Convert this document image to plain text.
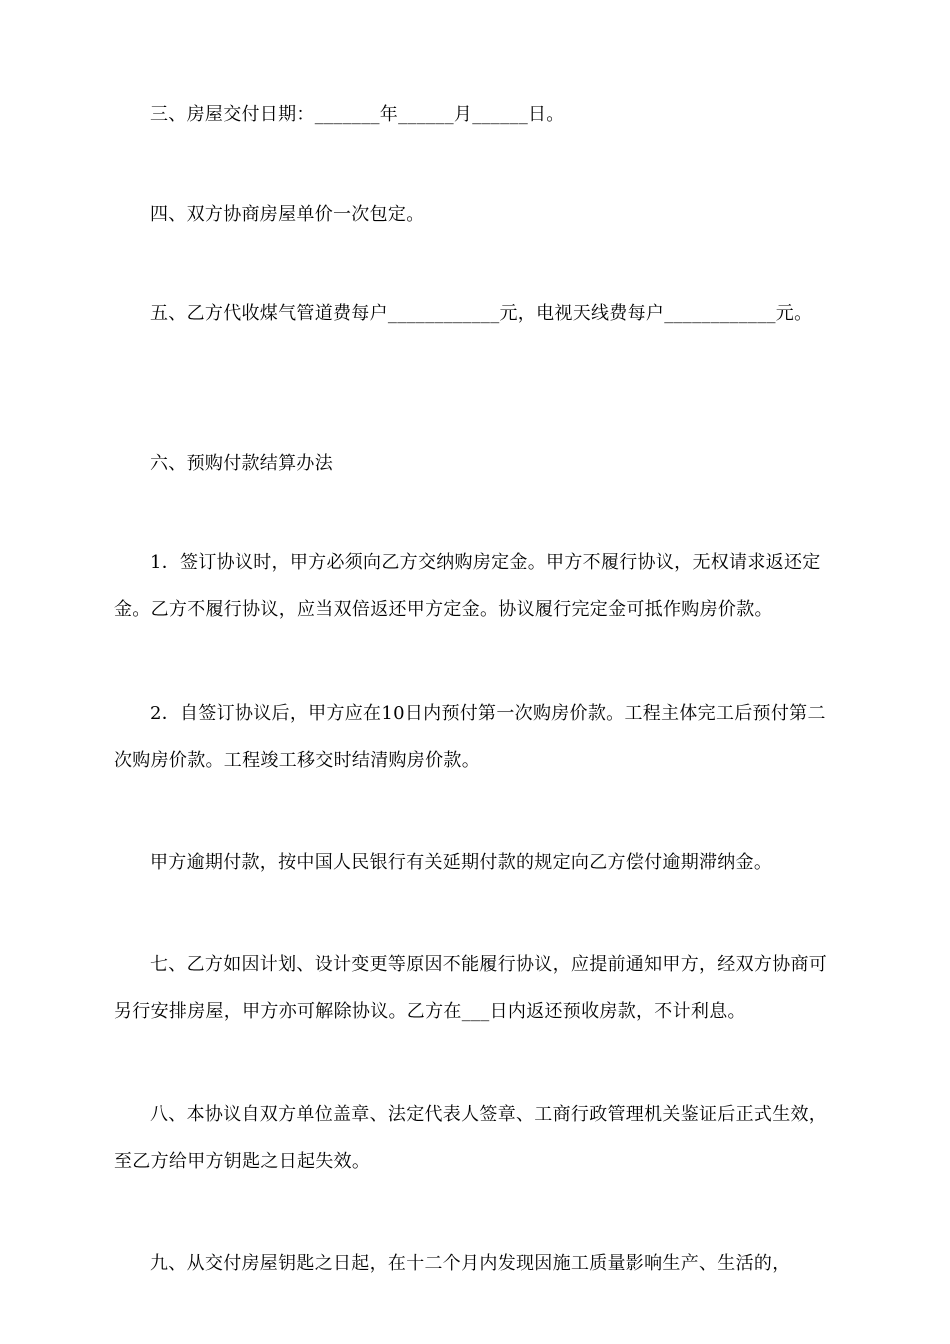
三、房屋交付日期：_______年______月______日。

四、双方协商房屋单价一次包定。

五、乙方代收煤气管道费每户____________元，电视天线费每户____________元。

六、预购付款结算办法

1．签订协议时，甲方必须向乙方交纳购房定金。甲方不履行协议，无权请求返还定金。乙方不履行协议，应当双倍返还甲方定金。协议履行完定金可抵作购房价款。

2．自签订协议后，甲方应在10日内预付第一次购房价款。工程主体完工后预付第二次购房价款。工程竣工移交时结清购房价款。

甲方逾期付款，按中国人民银行有关延期付款的规定向乙方偿付逾期滞纳金。

七、乙方如因计划、设计变更等原因不能履行协议，应提前通知甲方，经双方协商可另行安排房屋，甲方亦可解除协议。乙方在___日内返还预收房款，不计利息。

八、本协议自双方单位盖章、法定代表人签章、工商行政管理机关鉴证后正式生效，至乙方给甲方钥匙之日起失效。

九、从交付房屋钥匙之日起，在十二个月内发现因施工质量影响生产、生活的，
